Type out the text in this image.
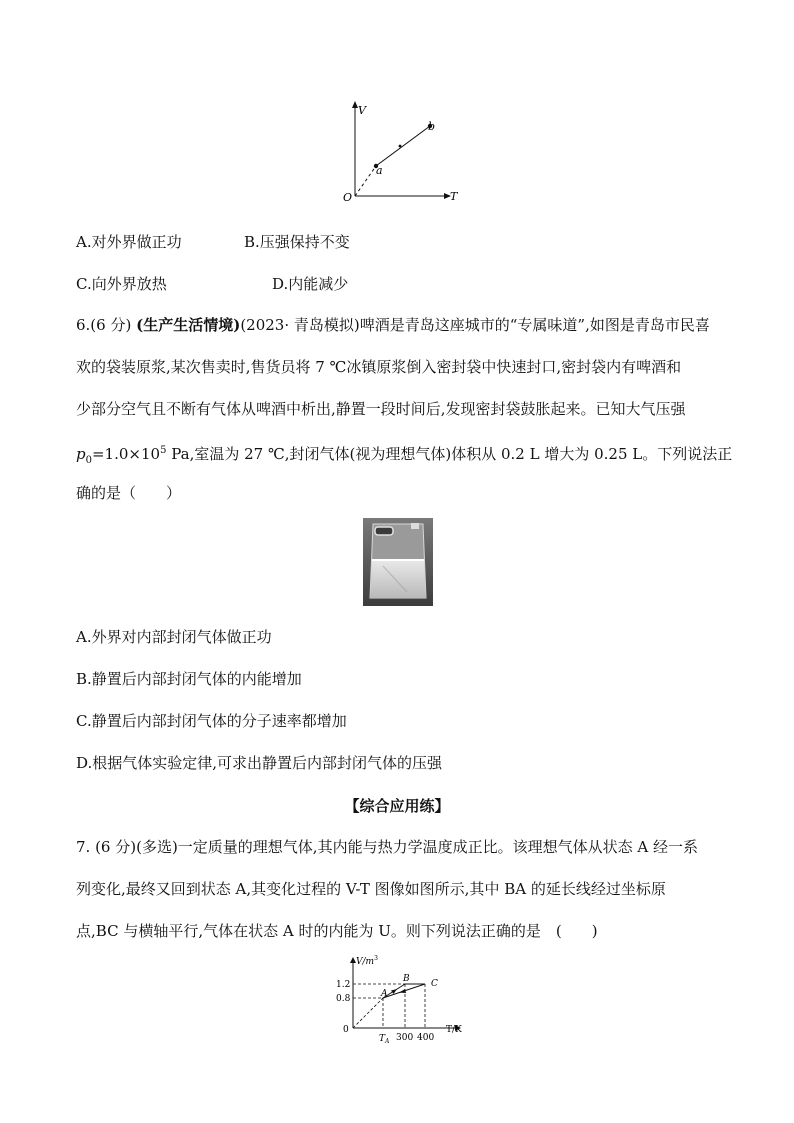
V
T
O
a
b
A.对外界做正功	B.压强保持不变
C.向外界放热	D.内能减少
6.(6 分) (生产生活情境)(2023· 青岛模拟)啤酒是青岛这座城市的“专属味道”,如图是青岛市民喜
欢的袋装原浆,某次售卖时,售货员将 7 ℃冰镇原浆倒入密封袋中快速封口,密封袋内有啤酒和
少部分空气且不断有气体从啤酒中析出,静置一段时间后,发现密封袋鼓胀起来。已知大气压强
$p_0=1.0\times 10^5$ Pa,室温为 27 ℃,封闭气体(视为理想气体)体积从 0.2 L 增大为 0.25 L。下列说法正
确的是（　　）
A.外界对内部封闭气体做正功
B.静置后内部封闭气体的内能增加
C.静置后内部封闭气体的分子速率都增加
D.根据气体实验定律,可求出静置后内部封闭气体的压强
【综合应用练】
7. (6 分)(多选)一定质量的理想气体,其内能与热力学温度成正比。该理想气体从状态 A 经一系
列变化,最终又回到状态 A,其变化过程的 V-T 图像如图所示,其中 BA 的延长线经过坐标原
点,BC 与横轴平行,气体在状态 A 时的内能为 U。则下列说法正确的是　(　　)
$V/m^3$
T/K
0
1.2
0.8
$T_A$ 300 400
A
B C
